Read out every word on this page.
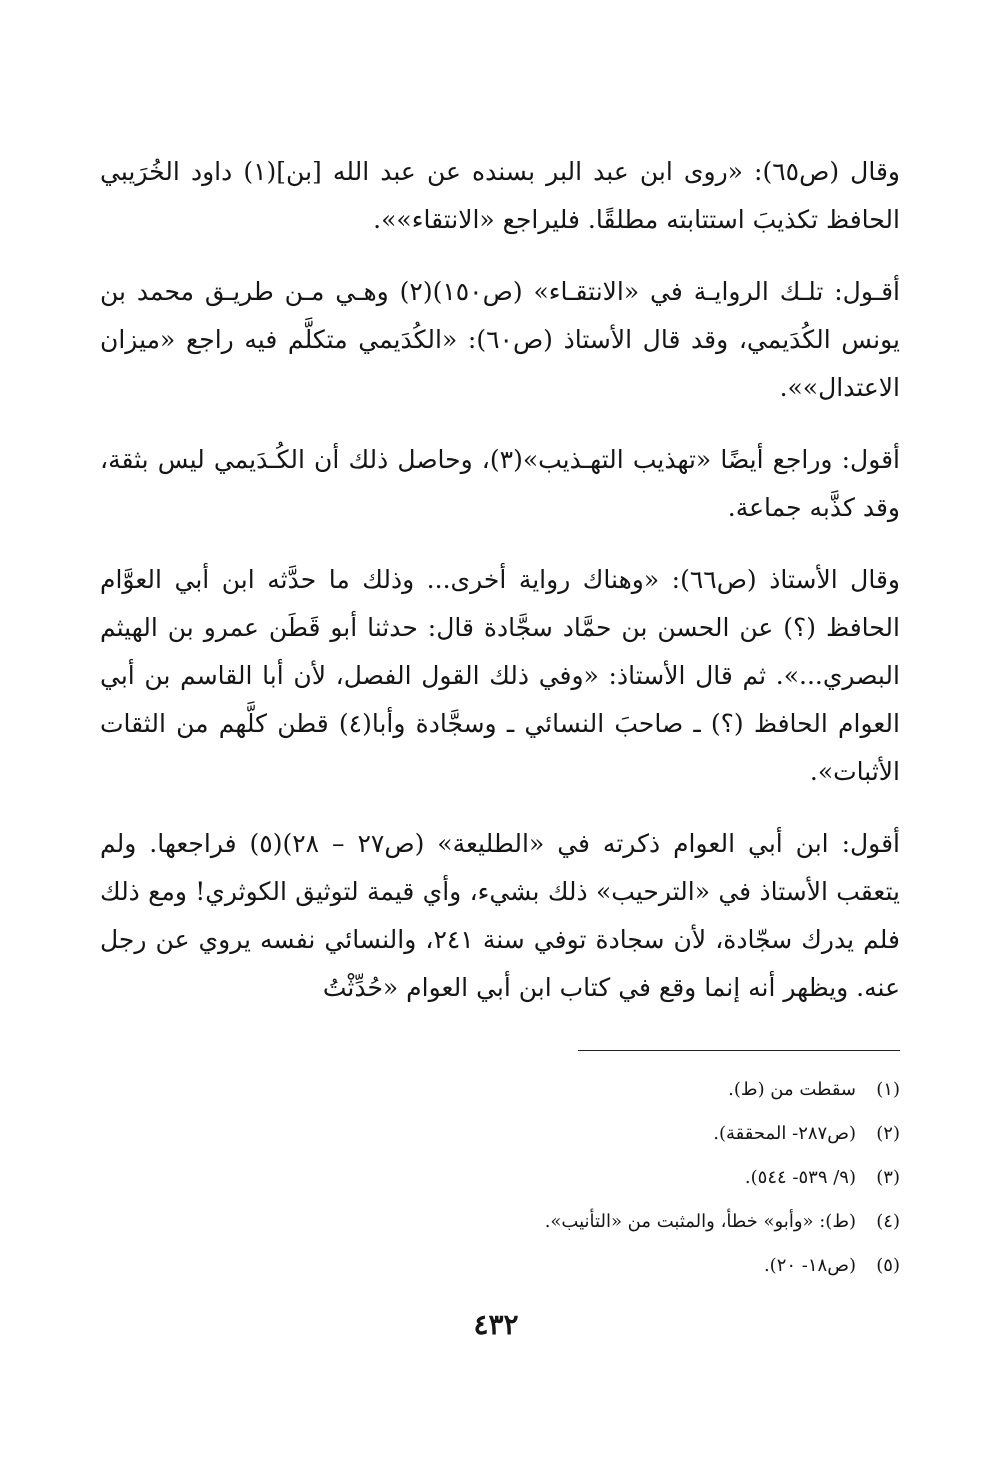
وقال (ص٦٥): «روى ابن عبد البر بسنده عن عبد الله [بن](١) داود الخُرَيبي الحافظ تكذيبَ استتابته مطلقًا. فليراجع «الانتقاء»».

أقـول: تلـك الروايـة في «الانتقـاء» (ص١٥٠)(٢) وهـي مـن طريـق محمد بن يونس الكُدَيمي، وقد قال الأستاذ (ص٦٠): «الكُدَيمي متكلَّم فيه راجع «ميزان الاعتدال»».

أقول: وراجع أيضًا «تهذيب التهـذيب»(٣)، وحاصل ذلك أن الكُـدَيمي ليس بثقة، وقد كذَّبه جماعة.

وقال الأستاذ (ص٦٦): «وهناك رواية أخرى... وذلك ما حدَّثه ابن أبي العوَّام الحافظ (؟) عن الحسن بن حمَّاد سجَّادة قال: حدثنا أبو قَطَن عمرو بن الهيثم البصري...». ثم قال الأستاذ: «وفي ذلك القول الفصل، لأن أبا القاسم بن أبي العوام الحافظ (؟) ـ صاحبَ النسائي ـ وسجَّادة وأبا(٤) قطن كلَّهم من الثقات الأثبات».

أقول: ابن أبي العوام ذكرته في «الطليعة» (ص٢٧ – ٢٨)(٥) فراجعها. ولم يتعقب الأستاذ في «الترحيب» ذلك بشيء، وأي قيمة لتوثيق الكوثري! ومع ذلك فلم يدرك سجّادة، لأن سجادة توفي سنة ٢٤١، والنسائي نفسه يروي عن رجل عنه. ويظهر أنه إنما وقع في كتاب ابن أبي العوام «حُدِّثْتُ

(١)سقطت من (ط).
(٢)(ص٢٨٧- المحققة).
(٣)(٩/ ٥٣٩- ٥٤٤).
(٤)(ط): «وأبو» خطأ، والمثبت من «التأنيب».
(٥)(ص١٨- ٢٠).
٤٣٢
